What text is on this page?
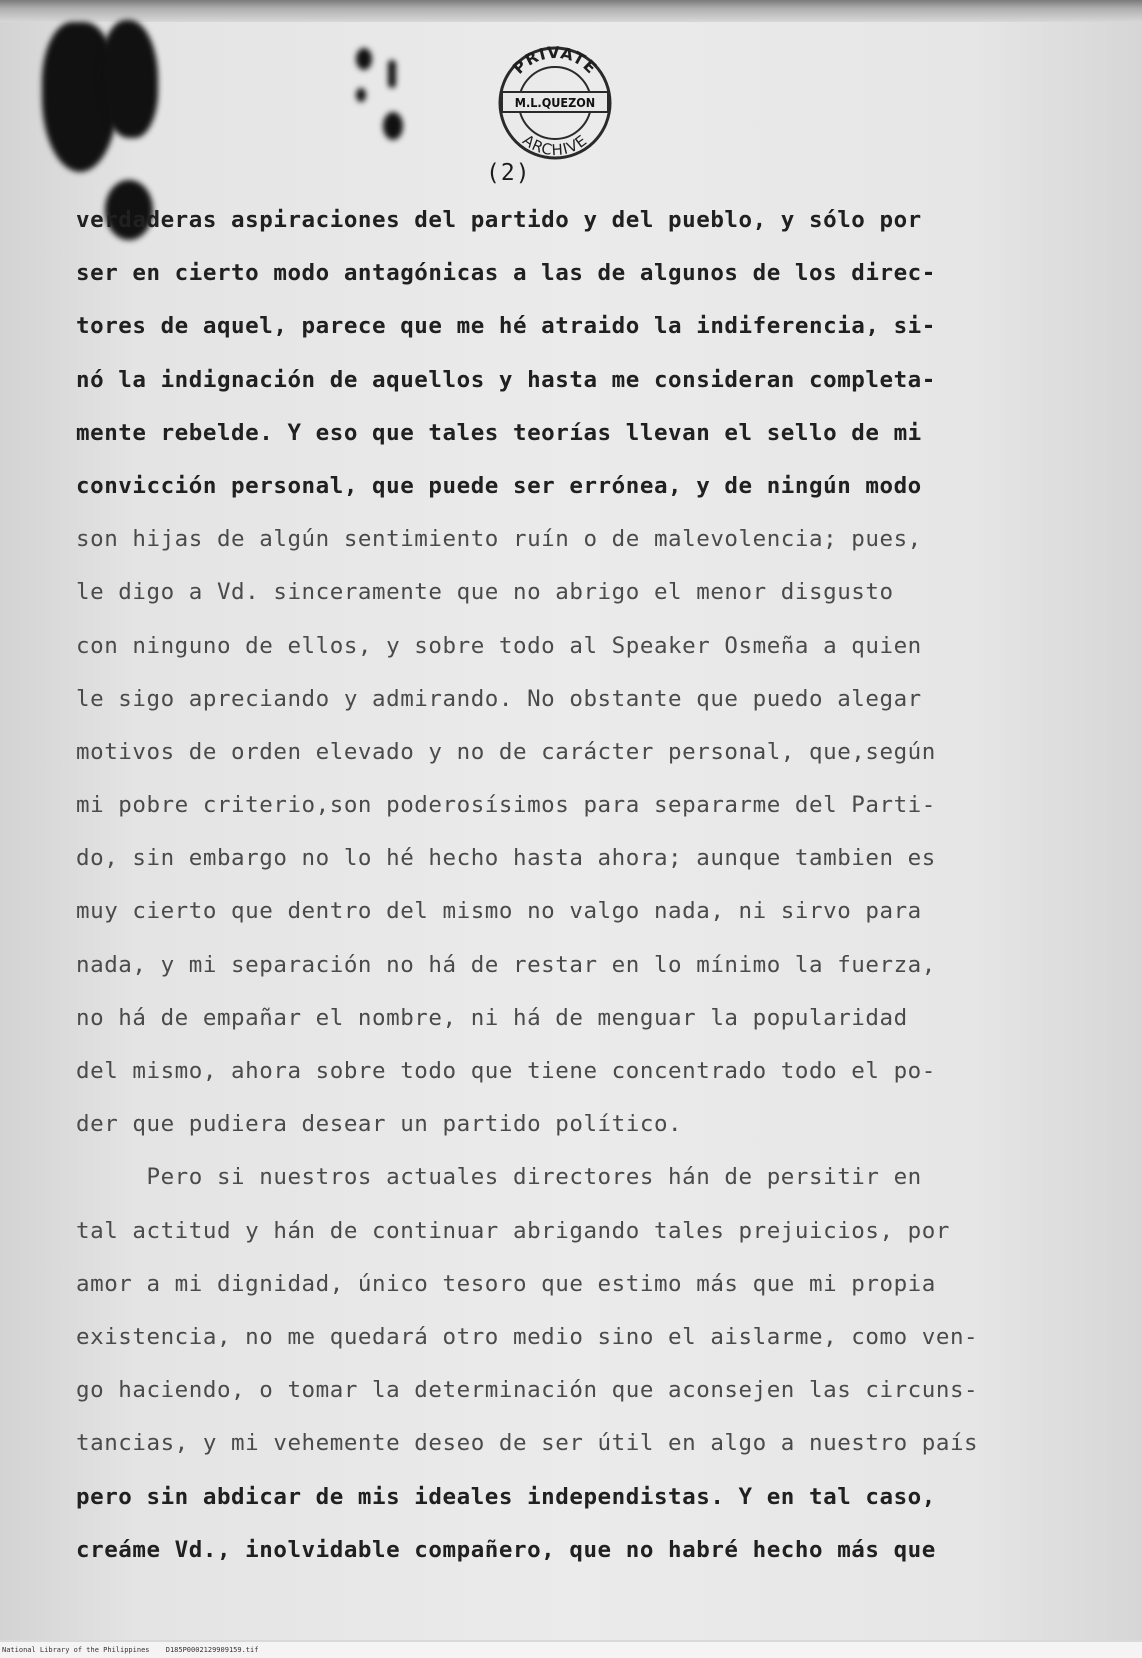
PRIVATE
M.L.QUEZON
ARCHIVE
(2)
verdaderas aspiraciones del partido y del pueblo, y sólo por
ser en cierto modo antagónicas a las de algunos de los direc-
tores de aquel, parece que me hé atraido la indiferencia, si-
nó la indignación de aquellos y hasta me consideran completa-
mente rebelde. Y eso que tales teorías llevan el sello de mi
convicción personal, que puede ser errónea, y de ningún modo
son hijas de algún sentimiento ruín o de malevolencia; pues,
le digo a Vd. sinceramente que no abrigo el menor disgusto
con ninguno de ellos, y sobre todo al Speaker Osmeña a quien
le sigo apreciando y admirando. No obstante que puedo alegar
motivos de orden elevado y no de carácter personal, que,según
mi pobre criterio,son poderosísimos para separarme del Parti-
do, sin embargo no lo hé hecho hasta ahora; aunque tambien es
muy cierto que dentro del mismo no valgo nada, ni sirvo para
nada, y mi separación no há de restar en lo mínimo la fuerza,
no há de empañar el nombre, ni há de menguar la popularidad
del mismo, ahora sobre todo que tiene concentrado todo el po-
der que pudiera desear un partido político.
Pero si nuestros actuales directores hán de persitir en
tal actitud y hán de continuar abrigando tales prejuicios, por
amor a mi dignidad, único tesoro que estimo más que mi propia
existencia, no me quedará otro medio sino el aislarme, como ven-
go haciendo, o tomar la determinación que aconsejen las circuns-
tancias, y mi vehemente deseo de ser útil en algo a nuestro país
pero sin abdicar de mis ideales independistas. Y en tal caso,
creáme Vd., inolvidable compañero, que no habré hecho más que
National Library of the Philippines D185P0002129909159.tif
